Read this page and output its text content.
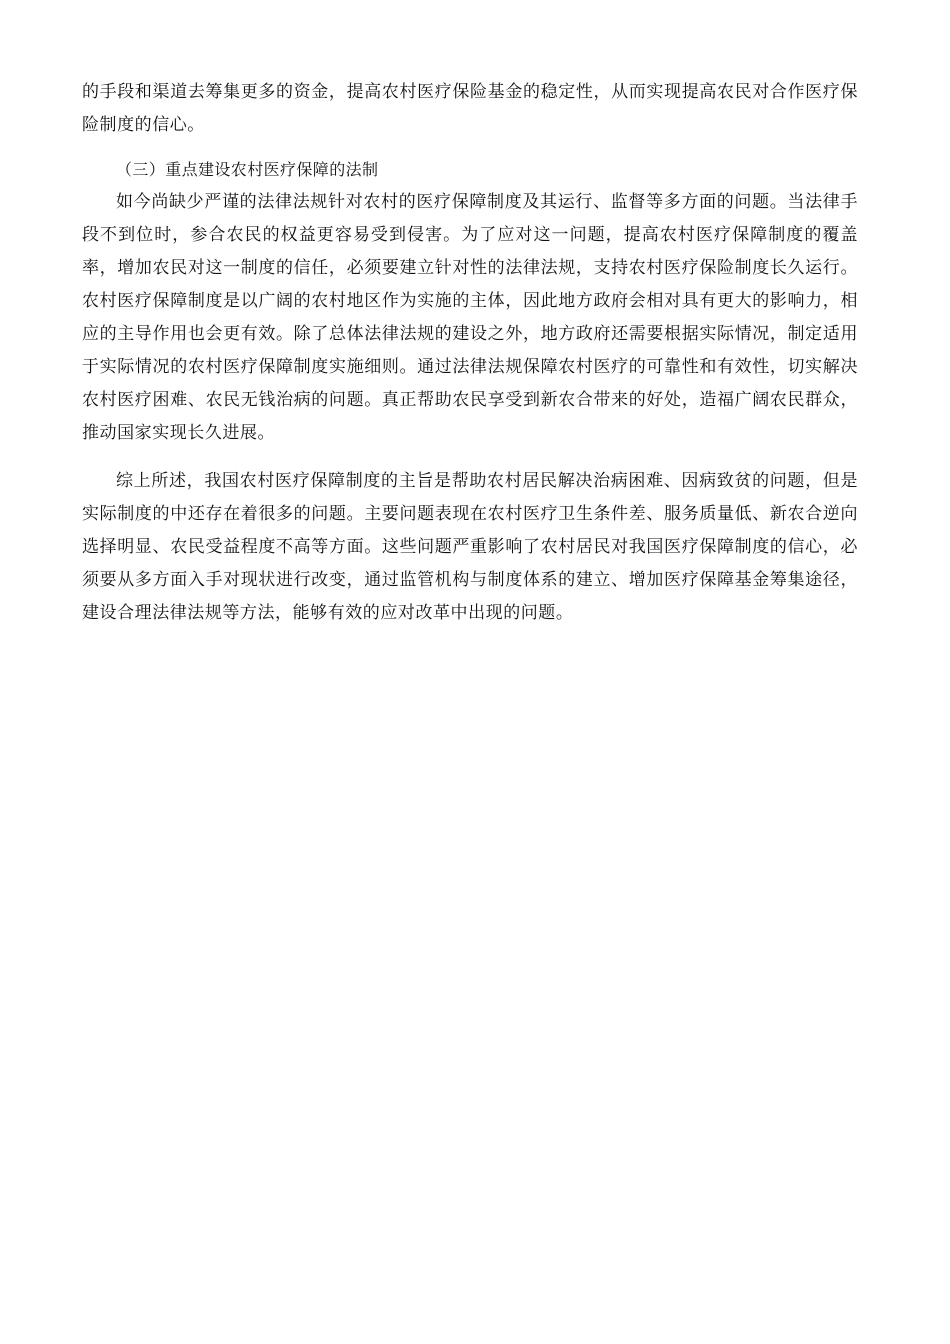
的手段和渠道去筹集更多的资金，提高农村医疗保险基金的稳定性，从而实现提高农民对合作医疗保险制度的信心。

（三）重点建设农村医疗保障的法制

如今尚缺少严谨的法律法规针对农村的医疗保障制度及其运行、监督等多方面的问题。当法律手段不到位时，参合农民的权益更容易受到侵害。为了应对这一问题，提高农村医疗保障制度的覆盖率，增加农民对这一制度的信任，必须要建立针对性的法律法规，支持农村医疗保险制度长久运行。农村医疗保障制度是以广阔的农村地区作为实施的主体，因此地方政府会相对具有更大的影响力，相应的主导作用也会更有效。除了总体法律法规的建设之外，地方政府还需要根据实际情况，制定适用于实际情况的农村医疗保障制度实施细则。通过法律法规保障农村医疗的可靠性和有效性，切实解决农村医疗困难、农民无钱治病的问题。真正帮助农民享受到新农合带来的好处，造福广阔农民群众，推动国家实现长久进展。

综上所述，我国农村医疗保障制度的主旨是帮助农村居民解决治病困难、因病致贫的问题，但是实际制度的中还存在着很多的问题。主要问题表现在农村医疗卫生条件差、服务质量低、新农合逆向选择明显、农民受益程度不高等方面。这些问题严重影响了农村居民对我国医疗保障制度的信心，必须要从多方面入手对现状进行改变，通过监管机构与制度体系的建立、增加医疗保障基金筹集途径，建设合理法律法规等方法，能够有效的应对改革中出现的问题。
